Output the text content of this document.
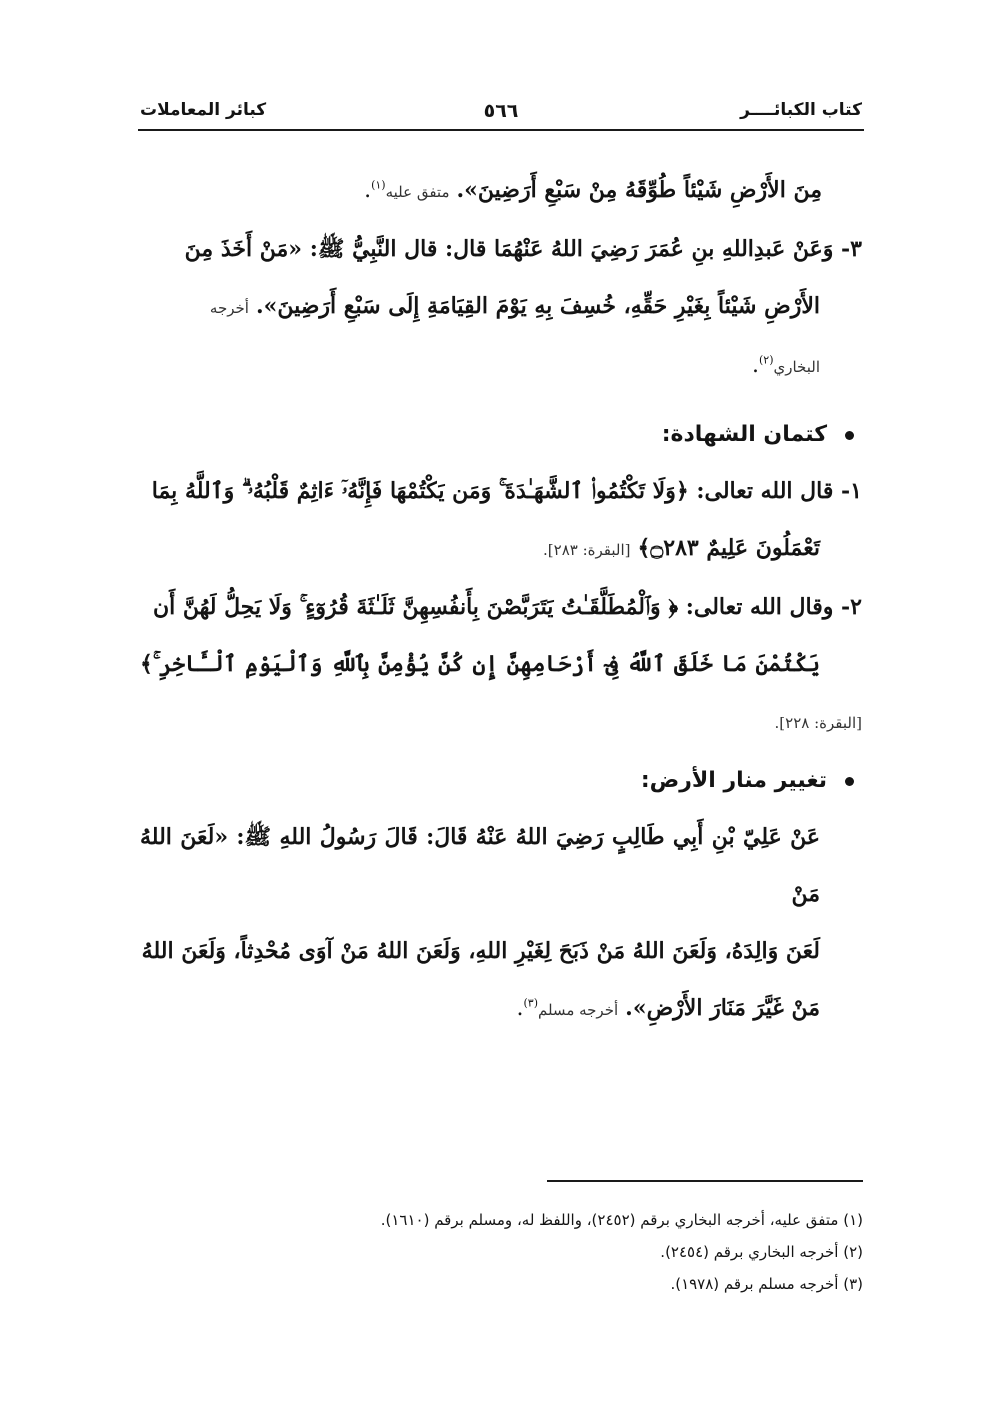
كتاب الكبائــــر
٥٦٦
كبائر المعاملات

مِنَ الأَرْضِ شَيْئاً طُوِّقَهُ مِنْ سَبْعِ أَرَضِينَ». متفق عليه$^{(١)}$.

٣- وَعَنْ عَبدِاللهِ بنِ عُمَرَ رَضِيَ اللهُ عَنْهُمَا قال: قال النَّبِيُّ ﷺ: «مَنْ أَخَذَ مِنَ
الأَرْضِ شَيْئاً بِغَيْرِ حَقِّهِ، خُسِفَ بِهِ يَوْمَ القِيَامَةِ إِلَى سَبْعِ أَرَضِينَ». أخرجه
البخاري$^{(٢)}$.

كتمان الشهادة:

١- قال الله تعالى: ﴿وَلَا تَكْتُمُوا۟ ٱلشَّهَـٰدَةَ ۚ وَمَن يَكْتُمْهَا فَإِنَّهُۥٓ ءَاثِمٌ قَلْبُهُۥ ۗ وَٱللَّهُ بِمَا
تَعْمَلُونَ عَلِيمٌ ۝٢٨٣﴾ [البقرة: ٢٨٣].

٢- وقال الله تعالى: ﴿ وَٱلْمُطَلَّقَـٰتُ يَتَرَبَّصْنَ بِأَنفُسِهِنَّ ثَلَـٰثَةَ قُرُوٓءٍ ۚ وَلَا يَحِلُّ لَهُنَّ أَن
يَكْتُمْنَ مَا خَلَقَ ٱللَّهُ فِىٓ أَرْحَامِهِنَّ إِن كُنَّ يُؤْمِنَّ بِٱللَّهِ وَٱلْيَوْمِ ٱلْـَٔاخِرِ ۚ﴾ [البقرة: ٢٢٨].

تغيير منار الأرض:

عَنْ عَلِيّ بْنِ أَبِي طَالِبٍ رَضِيَ اللهُ عَنْهُ قَالَ: قَالَ رَسُولُ اللهِ ﷺ: «لَعَنَ اللهُ مَنْ
لَعَنَ وَالِدَهُ، وَلَعَنَ اللهُ مَنْ ذَبَحَ لِغَيْرِ اللهِ، وَلَعَنَ اللهُ مَنْ آوَى مُحْدِثاً، وَلَعَنَ اللهُ
مَنْ غَيَّرَ مَنَارَ الأَرْضِ». أخرجه مسلم$^{(٣)}$.

(١) متفق عليه، أخرجه البخاري برقم (٢٤٥٢)، واللفظ له، ومسلم برقم (١٦١٠).
(٢) أخرجه البخاري برقم (٢٤٥٤).
(٣) أخرجه مسلم برقم (١٩٧٨).
